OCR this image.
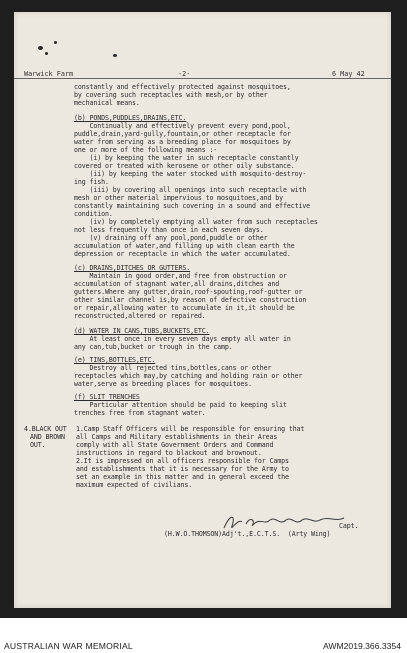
Warwick Farm	-2-	6 May 42
constantly and effectively protected against mosquitoes,
by covering such receptacles with mesh,or by other
mechanical means.
(b) PONDS,PUDDLES,DRAINS,ETC.
Continually and effectively prevent every pond,pool,
puddle,drain,yard-gully,fountain,or other receptacle for
water from serving as a breeding place for mosquitoes by
one or more of the following means :-
(i) by keeping the water in such receptacle constantly
covered or treated with kerosene or other oily substance.
(ii) by keeping the water stocked with mosquito-destroy-
ing fish.
(iii) by covering all openings into such receptacle with
mesh or other material impervious to mosquitoes,and by
constantly maintaining such covering in a sound and effective
condition.
(iv) by completely emptying all water from such receptacles
not less frequently than once in each seven days.
(v) draining off any pool,pond,puddle or other
accumulation of water,and filling up with clean earth the
depression or receptacle in which the water accumulated.
(c) DRAINS,DITCHES OR GUTTERS.
Maintain in good order,and free from obstruction or
accumulation of stagnant water,all drains,ditches and
gutters.Where any gutter,drain,roof-spouting,roof-gutter or
other similar channel is,by reason of defective construction
or repair,allowing water to accumulate in it,it should be
reconstructed,altered or repaired.
(d) WATER IN CANS,TUBS,BUCKETS,ETC.
At least once in every seven days empty all water in
any can,tub,bucket or trough in the camp.
(e) TINS,BOTTLES,ETC.
Destroy all rejected tins,bottles,cans or other
receptacles which may,by catching and holding rain or other
water,serve as breeding places for mosquitoes.
(f) SLIT TRENCHES
Particular attention should be paid to keeping slit
trenches free from stagnant water.
1.Camp Staff Officers will be responsible for ensuring that
all Camps and Military establishments in their Areas
comply with all State Government Orders and Command
instructions in regard to blackout and brownout.
2.It is impressed on all officers responsible for Camps
and establishments that it is necessary for the Army to
set an example in this matter and in general exceed the
maximum expected of civilians.
4.BLACK OUT
AND BROWN
OUT.
Capt.
(H.W.O.THOMSON)Adj't.,E.C.T.S.  (Arty Wing)
AUSTRALIAN WAR MEMORIAL	AWM2019.366.3354
